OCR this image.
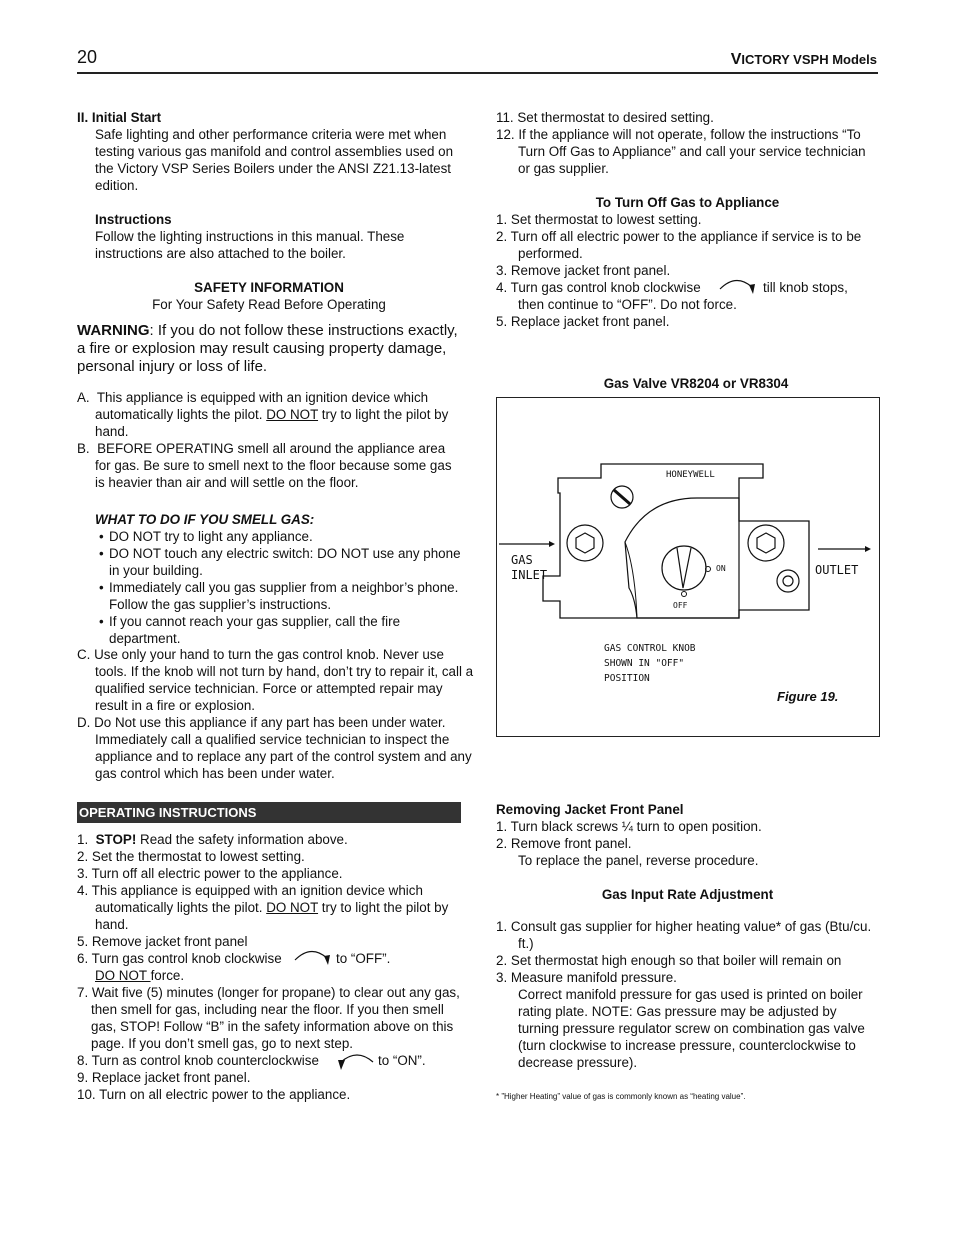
20	VICTORY VSPH Models
II. Initial Start
Safe lighting and other performance criteria were met when testing various gas manifold and control assemblies used on the Victory VSP Series Boilers under the ANSI Z21.13-latest edition.
Instructions
Follow the lighting instructions in this manual. These instructions are also attached to the boiler.
SAFETY INFORMATION
For Your Safety Read Before Operating
WARNING: If you do not follow these instructions exactly, a fire or explosion may result causing property damage, personal injury or loss of life.
A. This appliance is equipped with an ignition device which automatically lights the pilot. DO NOT try to light the pilot by hand.
B. BEFORE OPERATING smell all around the appliance area for gas. Be sure to smell next to the floor because some gas is heavier than air and will settle on the floor.
WHAT TO DO IF YOU SMELL GAS:
• DO NOT try to light any appliance.
• DO NOT touch any electric switch: DO NOT use any phone in your building.
• Immediately call you gas supplier from a neighbor’s phone. Follow the gas supplier’s instructions.
• If you cannot reach your gas supplier, call the fire department.
C. Use only your hand to turn the gas control knob. Never use tools. If the knob will not turn by hand, don’t try to repair it, call a qualified service technician. Force or attempted repair may result in a fire or explosion.
D. Do Not use this appliance if any part has been under water. Immediately call a qualified service technician to inspect the appliance and to replace any part of the control system and any gas control which has been under water.
OPERATING INSTRUCTIONS
1. STOP! Read the safety information above.
2. Set the thermostat to lowest setting.
3. Turn off all electric power to the appliance.
4. This appliance is equipped with an ignition device which automatically lights the pilot. DO NOT try to light the pilot by hand.
5. Remove jacket front panel
6. Turn gas control knob clockwise	to “OFF”.
DO NOT force.
7. Wait five (5) minutes (longer for propane) to clear out any gas, then smell for gas, including near the floor. If you then smell gas, STOP! Follow “B” in the safety information above on this page. If you don’t smell gas, go to next step.
8. Turn as control knob counterclockwise	to “ON”.
9. Replace jacket front panel.
10. Turn on all electric power to the appliance.
11. Set thermostat to desired setting.
12. If the appliance will not operate, follow the instructions “To Turn Off Gas to Appliance” and call your service technician or gas supplier.
To Turn Off Gas to Appliance
1. Set thermostat to lowest setting.
2. Turn off all electric power to the appliance if service is to be performed.
3. Remove jacket front panel.
4. Turn gas control knob clockwise	till knob stops,
then continue to “OFF”. Do not force.
5. Replace jacket front panel.
Gas Valve VR8204 or VR8304
HONEYWELL
GAS
INLET	OUTLET
ON
OFF
GAS CONTROL KNOB
SHOWN IN "OFF"
POSITION
Figure 19.
Removing Jacket Front Panel
1. Turn black screws ¼ turn to open position.
2. Remove front panel.
To replace the panel, reverse procedure.
Gas Input Rate Adjustment
1. Consult gas supplier for higher heating value* of gas (Btu/cu. ft.)
2. Set thermostat high enough so that boiler will remain on
3. Measure manifold pressure.
Correct manifold pressure for gas used is printed on boiler rating plate. NOTE: Gas pressure may be adjusted by turning pressure regulator screw on combination gas valve (turn clockwise to increase pressure, counterclockwise to decrease pressure).
* ”Higher Heating” value of gas is commonly known as “heating value”.
